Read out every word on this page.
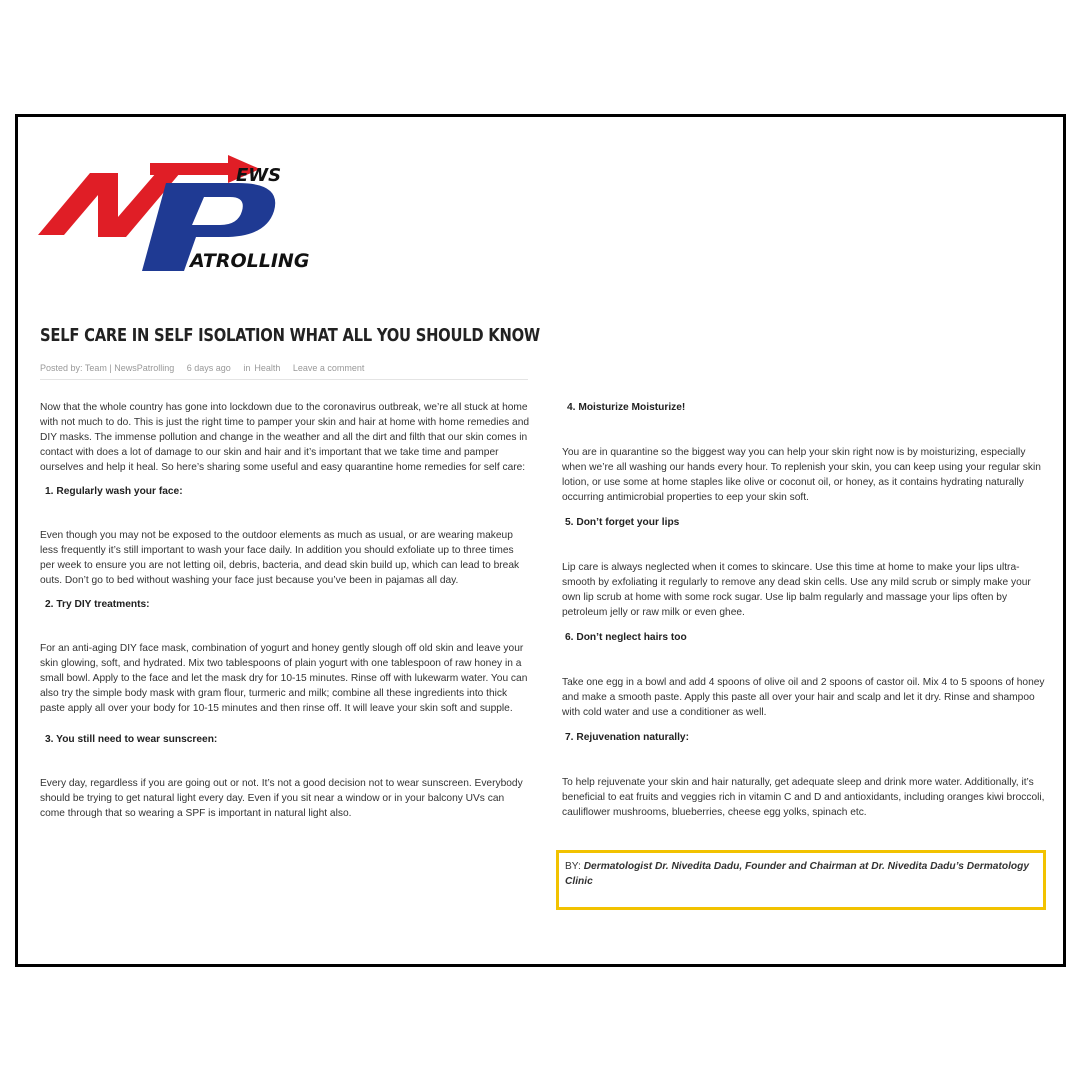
EWS
ATROLLING
SELF CARE IN SELF ISOLATION WHAT ALL YOU SHOULD KNOW
Posted by: Team | NewsPatrolling 6 days ago in Health Leave a comment

Now that the whole country has gone into lockdown due to the coronavirus outbreak, we’re all stuck at home with not much to do. This is just the right time to pamper your skin and hair at home with home remedies and DIY masks. The immense pollution and change in the weather and all the dirt and filth that our skin comes in contact with does a lot of damage to our skin and hair and it’s important that we take time and pamper ourselves and help it heal. So here’s sharing some useful and easy quarantine home remedies for self care:

1. Regularly wash your face:

Even though you may not be exposed to the outdoor elements as much as usual, or are wearing makeup less frequently it’s still important to wash your face daily. In addition you should exfoliate up to three times per week to ensure you are not letting oil, debris, bacteria, and dead skin build up, which can lead to break outs. Don’t go to bed without washing your face just because you’ve been in pajamas all day.

2. Try DIY treatments:

For an anti-aging DIY face mask, combination of yogurt and honey gently slough off old skin and leave your skin glowing, soft, and hydrated. Mix two tablespoons of plain yogurt with one tablespoon of raw honey in a small bowl. Apply to the face and let the mask dry for 10-15 minutes. Rinse off with lukewarm water. You can also try the simple body mask with gram flour, turmeric and milk; combine all these ingredients into thick paste apply all over your body for 10-15 minutes and then rinse off. It will leave your skin soft and supple.

3. You still need to wear sunscreen:

Every day, regardless if you are going out or not. It’s not a good decision not to wear sunscreen. Everybody should be trying to get natural light every day. Even if you sit near a window or in your balcony UVs can come through that so wearing a SPF is important in natural light also.

4. Moisturize Moisturize!

You are in quarantine so the biggest way you can help your skin right now is by moisturizing, especially when we’re all washing our hands every hour. To replenish your skin, you can keep using your regular skin lotion, or use some at home staples like olive or coconut oil, or honey, as it contains hydrating naturally occurring antimicrobial properties to eep your skin soft.

5. Don’t forget your lips

Lip care is always neglected when it comes to skincare. Use this time at home to make your lips ultra-smooth by exfoliating it regularly to remove any dead skin cells. Use any mild scrub or simply make your own lip scrub at home with some rock sugar. Use lip balm regularly and massage your lips often by petroleum jelly or raw milk or even ghee.

6. Don’t neglect hairs too

Take one egg in a bowl and add 4 spoons of olive oil and 2 spoons of castor oil. Mix 4 to 5 spoons of honey and make a smooth paste. Apply this paste all over your hair and scalp and let it dry. Rinse and shampoo with cold water and use a conditioner as well.

7. Rejuvenation naturally:

To help rejuvenate your skin and hair naturally, get adequate sleep and drink more water. Additionally, it’s beneficial to eat fruits and veggies rich in vitamin C and D and antioxidants, including oranges kiwi broccoli, cauliflower mushrooms, blueberries, cheese egg yolks, spinach etc.

BY: Dermatologist Dr. Nivedita Dadu, Founder and Chairman at Dr. Nivedita Dadu’s Dermatology Clinic
